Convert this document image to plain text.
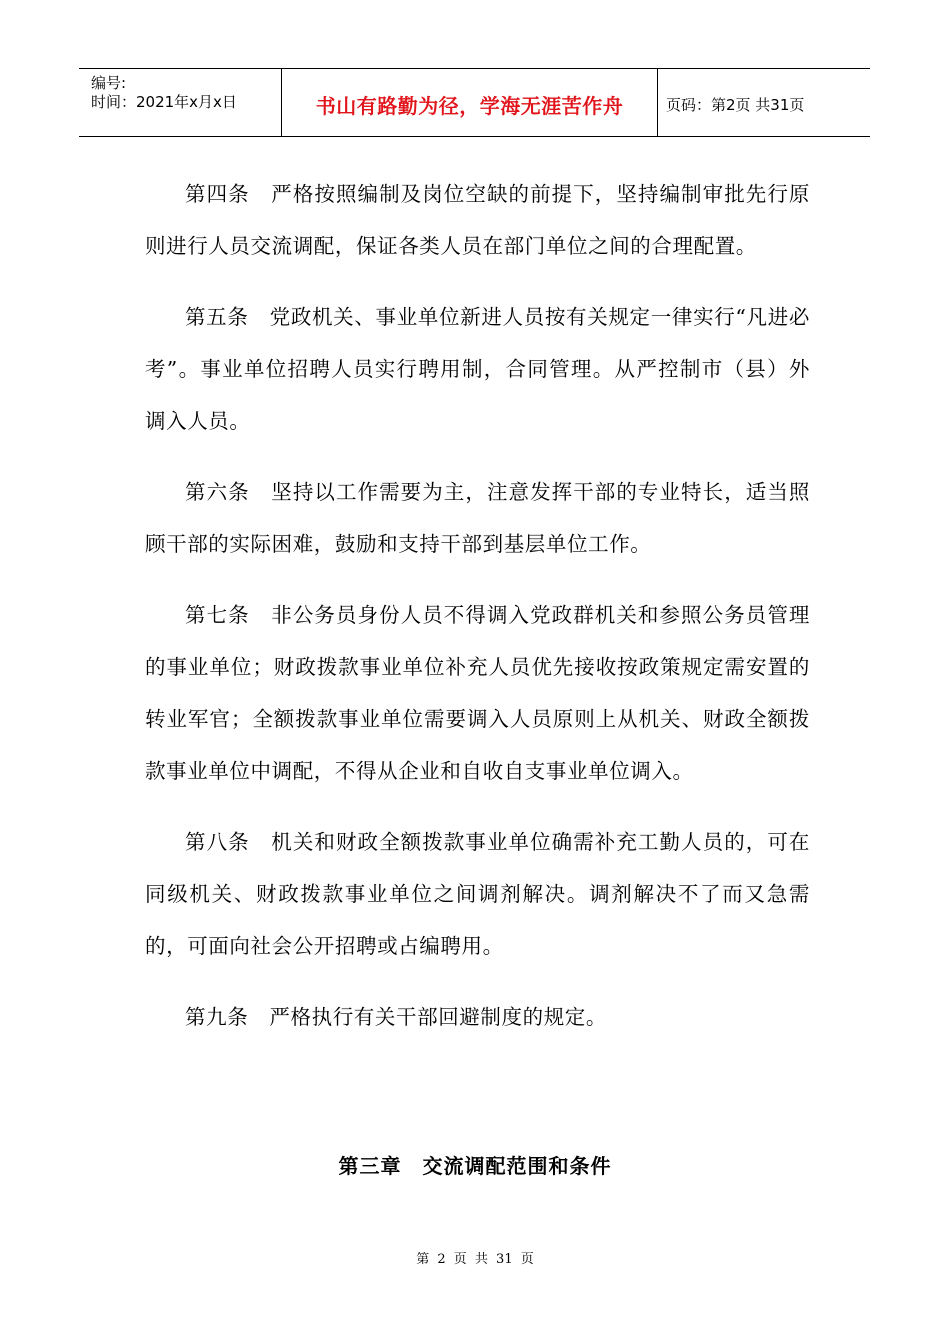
编号:
时间：2021年x月x日	书山有路勤为径，学海无涯苦作舟	页码：第2页 共31页

第四条　严格按照编制及岗位空缺的前提下，坚持编制审批先行原则进行人员交流调配，保证各类人员在部门单位之间的合理配置。

第五条　党政机关、事业单位新进人员按有关规定一律实行“凡进必考”。事业单位招聘人员实行聘用制，合同管理。从严控制市（县）外调入人员。

第六条　坚持以工作需要为主，注意发挥干部的专业特长，适当照顾干部的实际困难，鼓励和支持干部到基层单位工作。

第七条　非公务员身份人员不得调入党政群机关和参照公务员管理的事业单位；财政拨款事业单位补充人员优先接收按政策规定需安置的转业军官；全额拨款事业单位需要调入人员原则上从机关、财政全额拨款事业单位中调配，不得从企业和自收自支事业单位调入。

第八条　机关和财政全额拨款事业单位确需补充工勤人员的，可在同级机关、财政拨款事业单位之间调剂解决。调剂解决不了而又急需的，可面向社会公开招聘或占编聘用。

第九条　严格执行有关干部回避制度的规定。

第三章　交流调配范围和条件
第 2 页 共 31 页
